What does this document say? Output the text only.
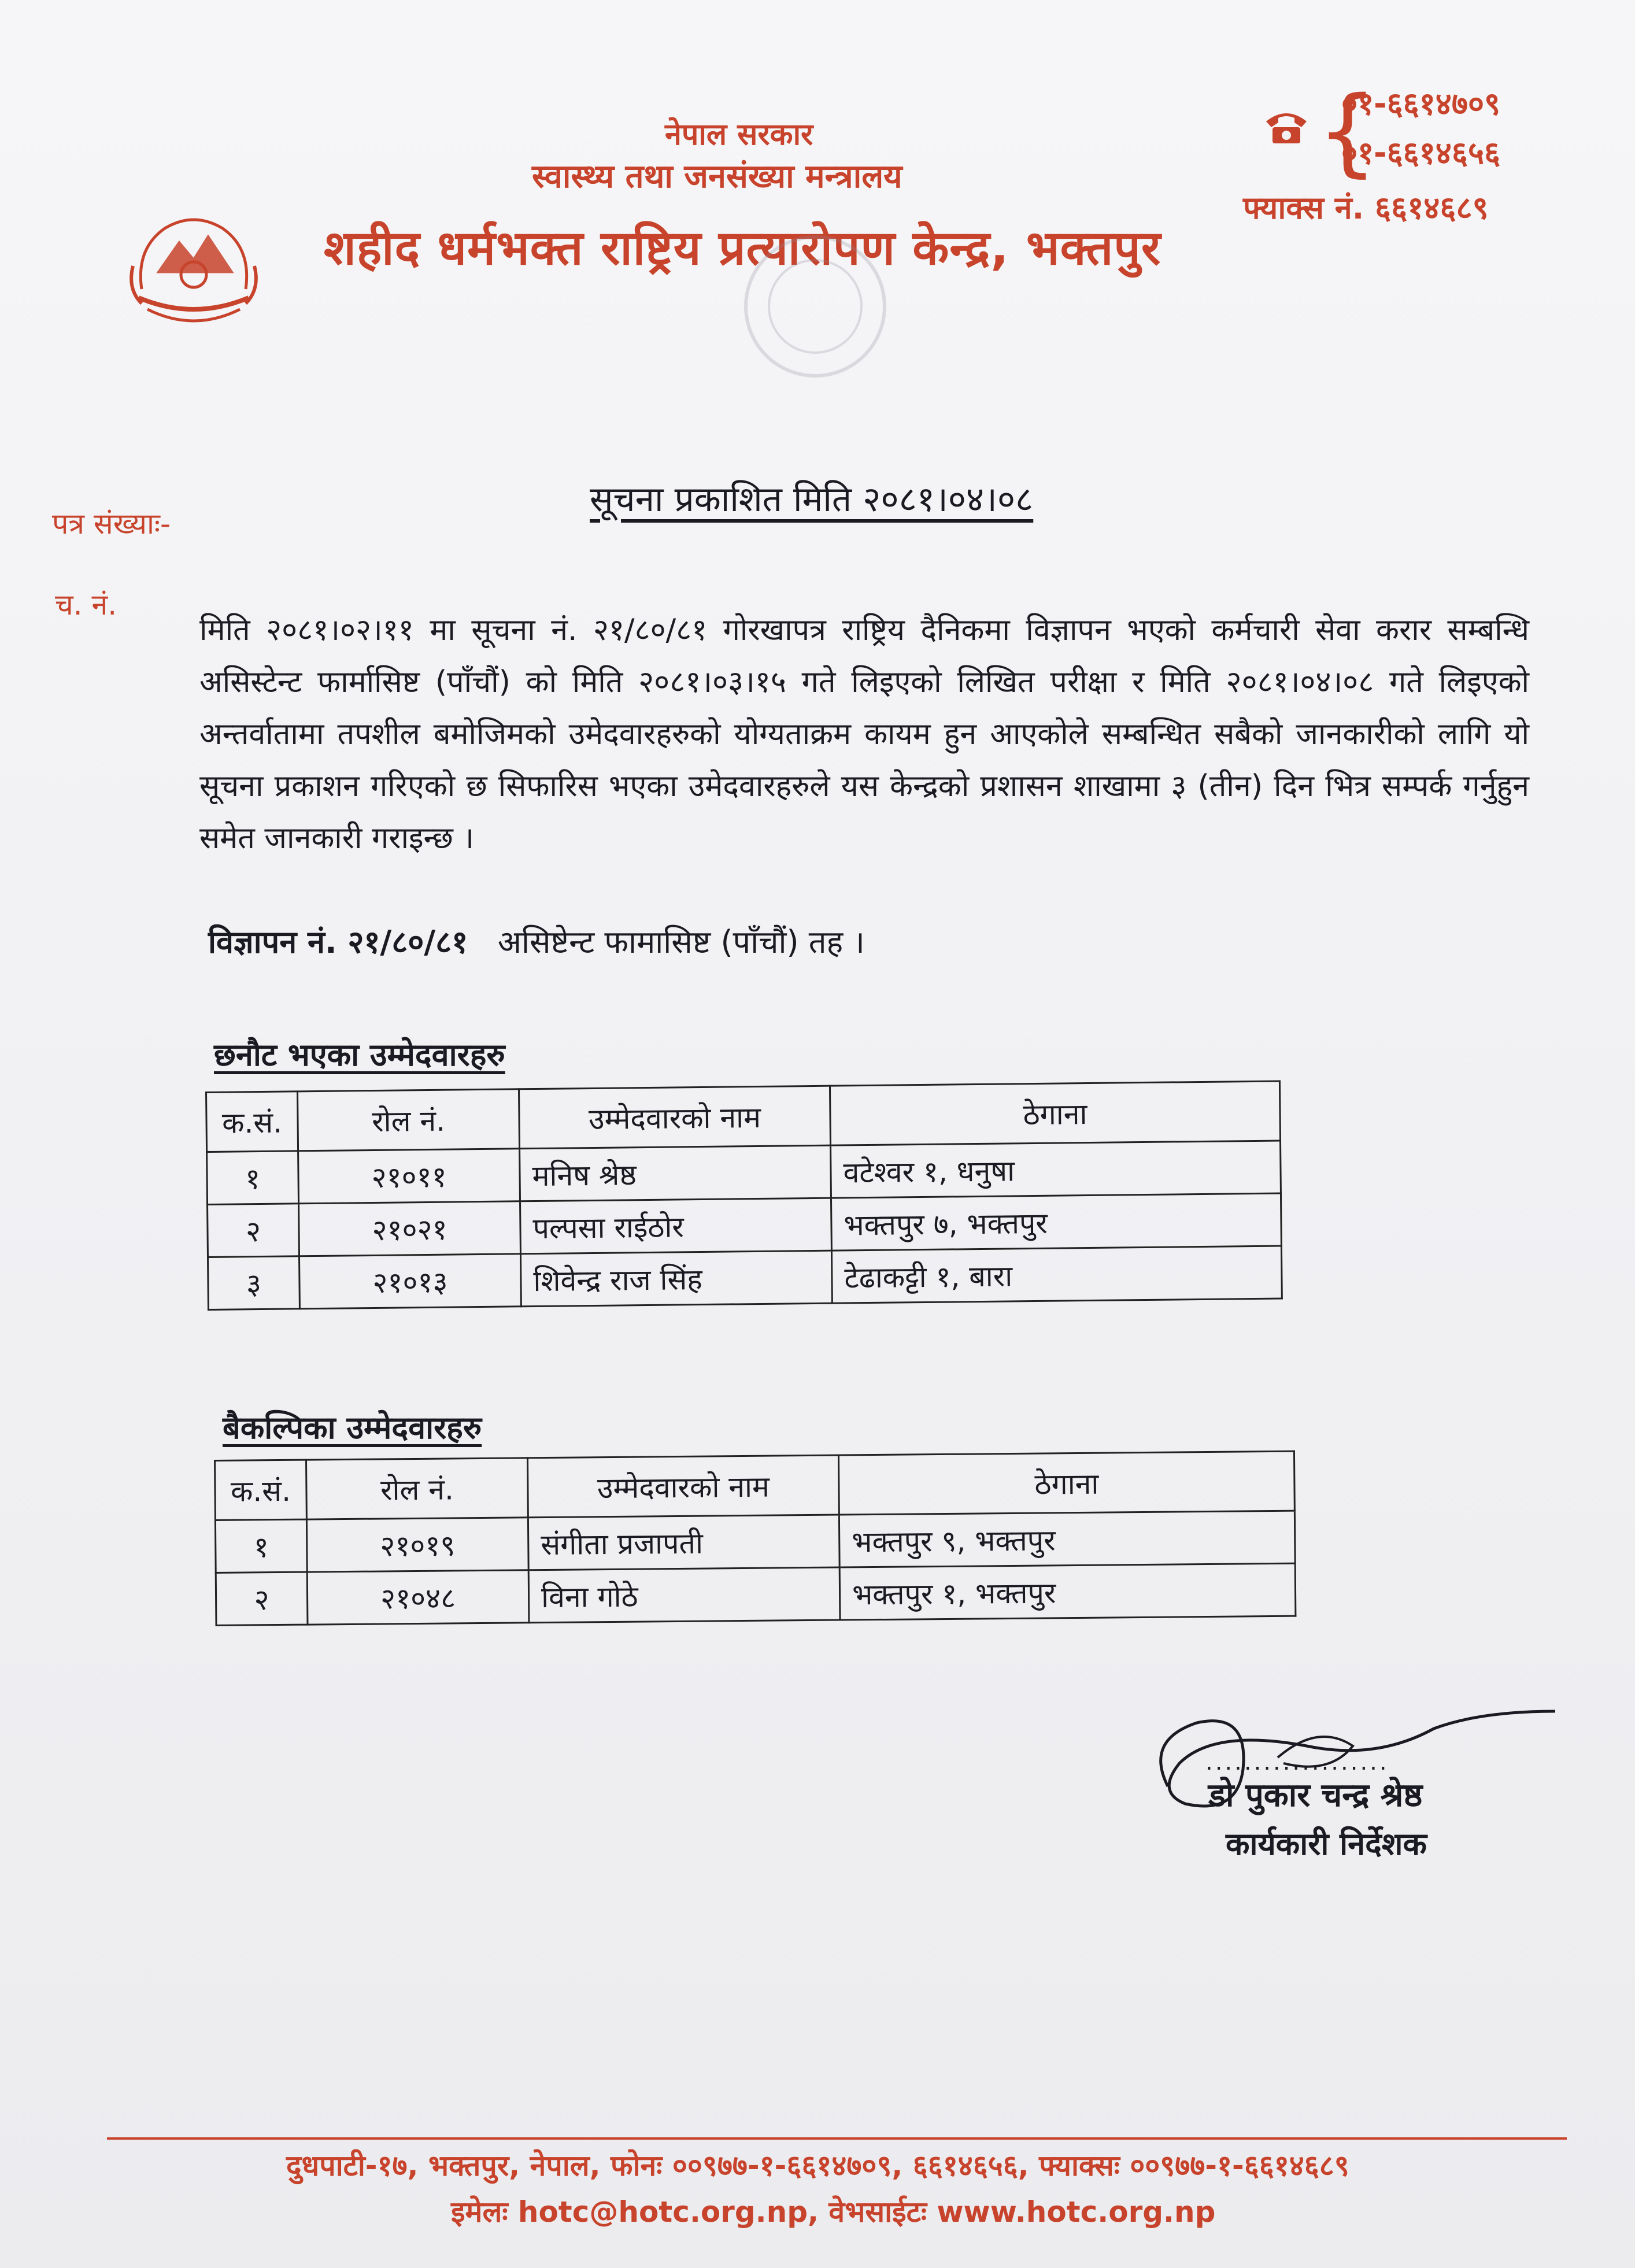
नेपाल सरकार
स्वास्थ्य तथा जनसंख्या मन्त्रालय
शहीद धर्मभक्त राष्ट्रिय प्रत्यारोपण केन्द्र, भक्तपुर
{
०१-६६१४७०९
०१-६६१४६५६
फ्याक्स नं. ६६१४६८९
पत्र संख्याः-
च. नं.
सूचना प्रकाशित मिति २०८१।०४।०८
मिति २०८१।०२।११ मा सूचना नं. २१/८०/८१ गोरखापत्र राष्ट्रिय दैनिकमा विज्ञापन भएको कर्मचारी सेवा करार सम्बन्धि असिस्टेन्ट फार्मासिष्ट (पाँचौं) को मिति २०८१।०३।१५ गते लिइएको लिखित परीक्षा र मिति २०८१।०४।०८ गते लिइएको अन्तर्वातामा तपशील बमोजिमको उमेदवारहरुको योग्यताक्रम कायम हुन आएकोले सम्बन्धित सबैको जानकारीको लागि यो सूचना प्रकाशन गरिएको छ सिफारिस भएका उमेदवारहरुले यस केन्द्रको प्रशासन शाखामा ३ (तीन) दिन भित्र सम्पर्क गर्नुहुन समेत जानकारी गराइन्छ ।
विज्ञापन नं. २१/८०/८१ असिष्टेन्ट फामासिष्ट (पाँचौं) तह ।
छनौट भएका उम्मेदवारहरु
क.सं.	रोल नं.	उम्मेदवारको नाम	ठेगाना
१	२१०११	मनिष श्रेष्ठ	वटेश्वर १, धनुषा
२	२१०२१	पल्पसा राईठोर	भक्तपुर ७, भक्तपुर
३	२१०१३	शिवेन्द्र राज सिंह	टेढाकट्टी १, बारा
बैकल्पिका उम्मेदवारहरु
क.सं.	रोल नं.	उम्मेदवारको नाम	ठेगाना
१	२१०१९	संगीता प्रजापती	भक्तपुर ९, भक्तपुर
२	२१०४८	विना गोठे	भक्तपुर १, भक्तपुर
...................
डो पुकार चन्द्र श्रेष्ठ
कार्यकारी निर्देशक
दुधपाटी-१७, भक्तपुर, नेपाल, फोनः ००९७७-१-६६१४७०९, ६६१४६५६, फ्याक्सः ००९७७-१-६६१४६८९
इमेलः hotc@hotc.org.np, वेभसाईटः www.hotc.org.np
